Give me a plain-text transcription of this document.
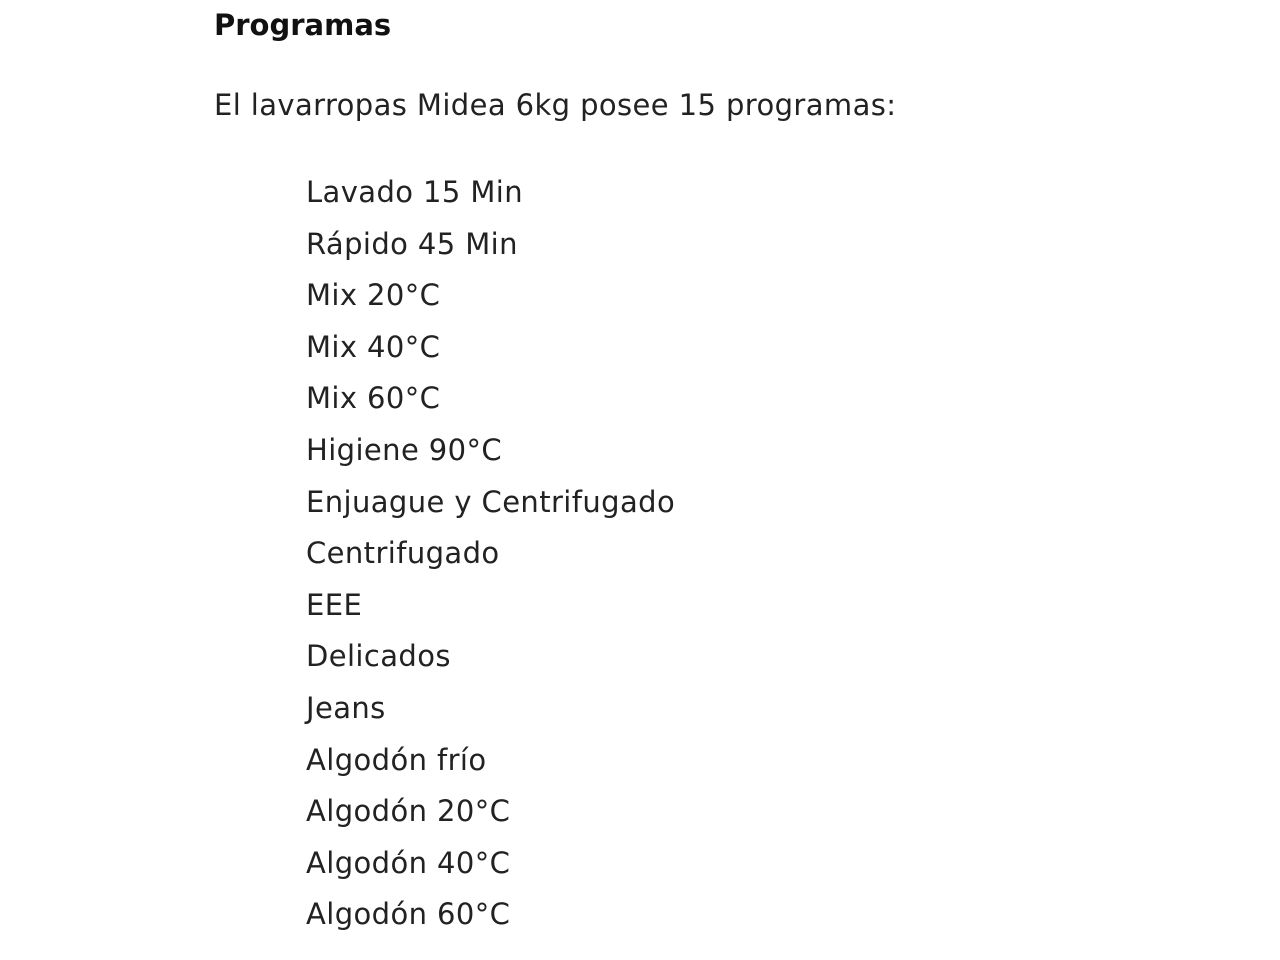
Programas

El lavarropas Midea 6kg posee 15 programas:

Lavado 15 Min
Rápido 45 Min
Mix 20°C
Mix 40°C
Mix 60°C
Higiene 90°C
Enjuague y Centrifugado
Centrifugado
EEE
Delicados
Jeans
Algodón frío
Algodón 20°C
Algodón 40°C
Algodón 60°C
